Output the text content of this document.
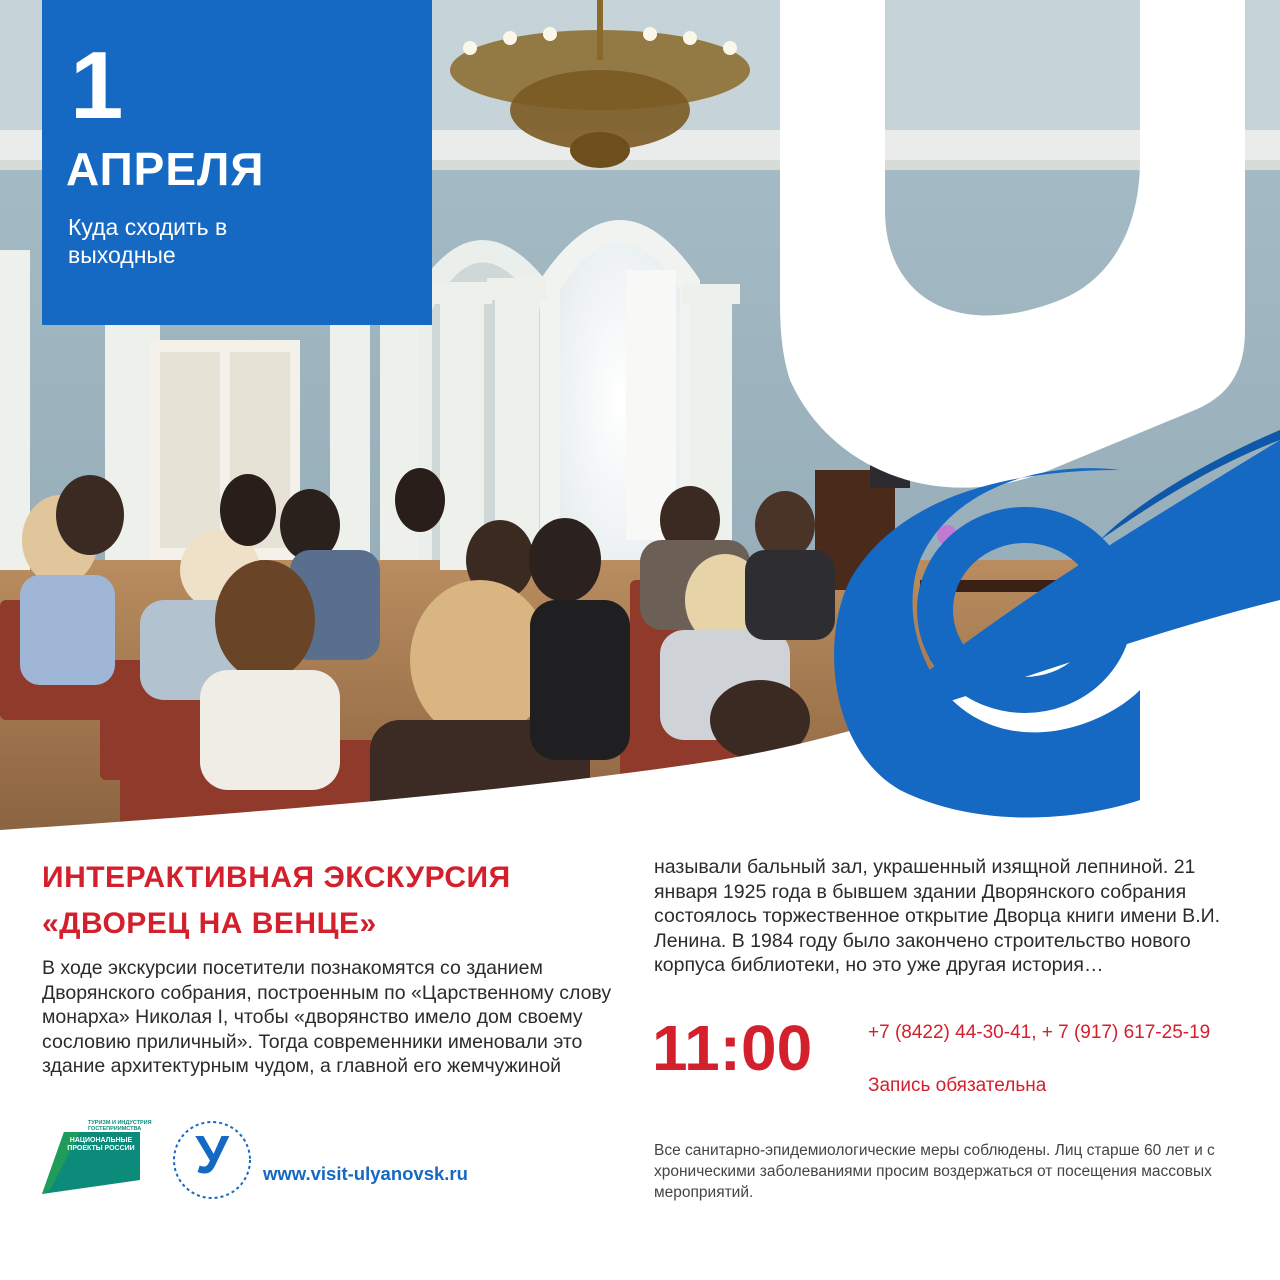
1
АПРЕЛЯ
Куда сходить в выходные
ИНТЕРАКТИВНАЯ ЭКСКУРСИЯ
«ДВОРЕЦ НА ВЕНЦЕ»
В ходе экскурсии посетители познакомятся со зданием Дворянского собрания, построенным по «Царственному слову монарха» Николая I, чтобы «дворянство имело дом своему сословию приличный». Тогда современники именовали это здание архитектурным чудом, а главной его жемчужиной
называли бальный зал, украшенный изящной лепниной. 21 января 1925 года в бывшем здании Дворянского собрания состоялось торжественное открытие Дворца книги имени В.И. Ленина. В 1984 году было закончено строительство нового корпуса библиотеки, но это уже другая история…
11:00	+7 (8422) 44-30-41, + 7 (917) 617-25-19
Запись обязательна
Все санитарно-эпидемиологические меры соблюдены. Лиц старше 60 лет и с хроническими заболеваниями просим воздержаться от посещения массовых мероприятий.
ТУРИЗМ И ИНДУСТРИЯ ГОСТЕПРИИМСТВА
НАЦИОНАЛЬНЫЕ ПРОЕКТЫ РОССИИ	У	www.visit-ulyanovsk.ru
